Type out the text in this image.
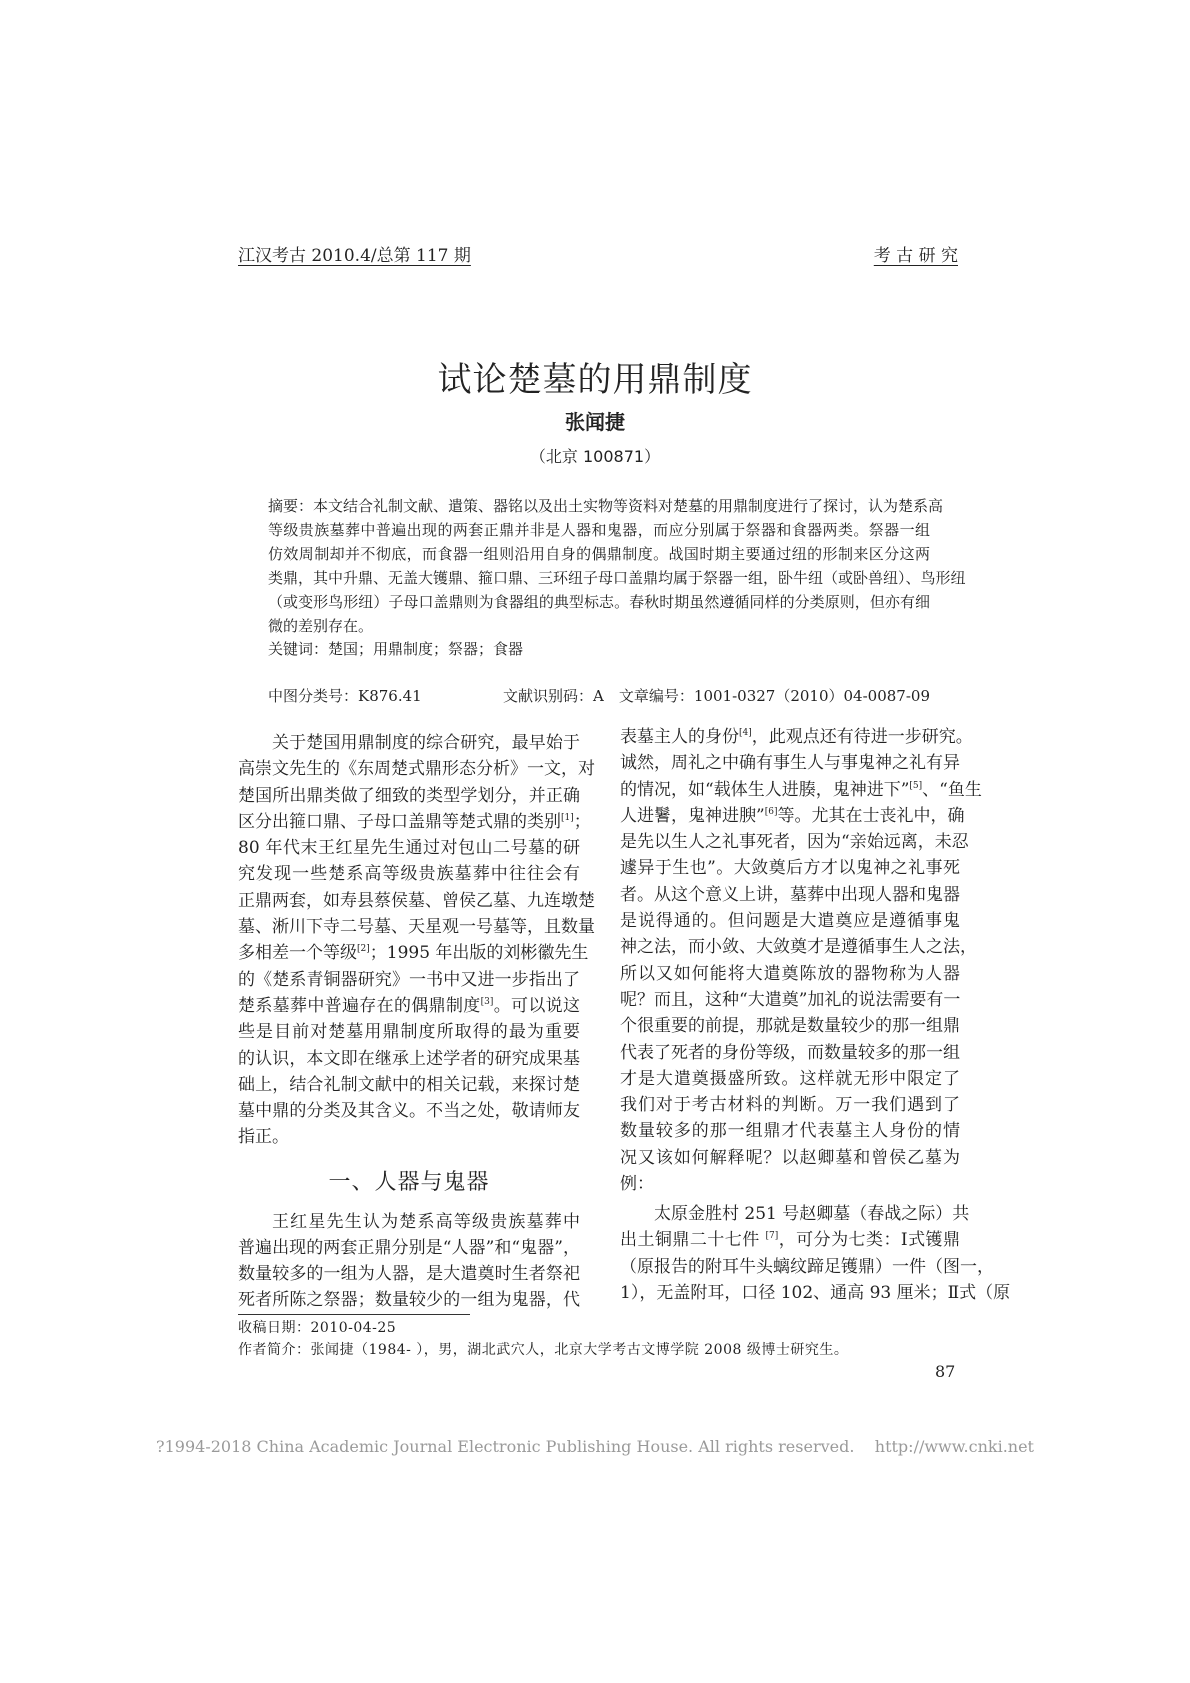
江汉考古 2010.4/总第 117 期	考 古 研 究
试论楚墓的用鼎制度
张闻捷
（北京 100871）
摘要：本文结合礼制文献、遣策、器铭以及出土实物等资料对楚墓的用鼎制度进行了探讨，认为楚系高
等级贵族墓葬中普遍出现的两套正鼎并非是人器和鬼器，而应分别属于祭器和食器两类。祭器一组
仿效周制却并不彻底，而食器一组则沿用自身的偶鼎制度。战国时期主要通过纽的形制来区分这两
类鼎，其中升鼎、无盖大镬鼎、箍口鼎、三环纽子母口盖鼎均属于祭器一组，卧牛纽（或卧兽纽）、鸟形纽
（或变形鸟形纽）子母口盖鼎则为食器组的典型标志。春秋时期虽然遵循同样的分类原则，但亦有细
微的差别存在。
关键词：楚国；用鼎制度；祭器；食器
中图分类号：K876.41	文献识别码：A 文章编号：1001-0327（2010）04-0087-09
关于楚国用鼎制度的综合研究，最早始于
高崇文先生的《东周楚式鼎形态分析》一文，对
楚国所出鼎类做了细致的类型学划分，并正确
区分出箍口鼎、子母口盖鼎等楚式鼎的类别[1]；
80 年代末王红星先生通过对包山二号墓的研
究发现一些楚系高等级贵族墓葬中往往会有
正鼎两套，如寿县蔡侯墓、曾侯乙墓、九连墩楚
墓、淅川下寺二号墓、天星观一号墓等，且数量
多相差一个等级[2]；1995 年出版的刘彬徽先生
的《楚系青铜器研究》一书中又进一步指出了
楚系墓葬中普遍存在的偶鼎制度[3]。可以说这
些是目前对楚墓用鼎制度所取得的最为重要
的认识，本文即在继承上述学者的研究成果基
础上，结合礼制文献中的相关记载，来探讨楚
墓中鼎的分类及其含义。不当之处，敬请师友
指正。
一、人器与鬼器
王红星先生认为楚系高等级贵族墓葬中
普遍出现的两套正鼎分别是“人器”和“鬼器”，
数量较多的一组为人器，是大遣奠时生者祭祀
死者所陈之祭器；数量较少的一组为鬼器，代
表墓主人的身份[4]，此观点还有待进一步研究。
诚然，周礼之中确有事生人与事鬼神之礼有异
的情况，如“载体生人进腠，鬼神进下”[5]、“鱼生
人进鬐，鬼神进腴”[6]等。尤其在士丧礼中，确
是先以生人之礼事死者，因为“亲始远离，未忍
遽异于生也”。大敛奠后方才以鬼神之礼事死
者。从这个意义上讲，墓葬中出现人器和鬼器
是说得通的。但问题是大遣奠应是遵循事鬼
神之法，而小敛、大敛奠才是遵循事生人之法，
所以又如何能将大遣奠陈放的器物称为人器
呢？而且，这种“大遣奠”加礼的说法需要有一
个很重要的前提，那就是数量较少的那一组鼎
代表了死者的身份等级，而数量较多的那一组
才是大遣奠摄盛所致。这样就无形中限定了
我们对于考古材料的判断。万一我们遇到了
数量较多的那一组鼎才代表墓主人身份的情
况又该如何解释呢？以赵卿墓和曾侯乙墓为
例：
太原金胜村 251 号赵卿墓（春战之际）共
出土铜鼎二十七件 [7]，可分为七类：Ⅰ式镬鼎
（原报告的附耳牛头螭纹蹄足镬鼎）一件（图一，
1），无盖附耳，口径 102、通高 93 厘米；Ⅱ式（原
收稿日期：2010-04-25
作者简介：张闻捷（1984- ），男，湖北武穴人，北京大学考古文博学院 2008 级博士研究生。
87
?1994-2018 China Academic Journal Electronic Publishing House. All rights reserved.    http://www.cnki.net
